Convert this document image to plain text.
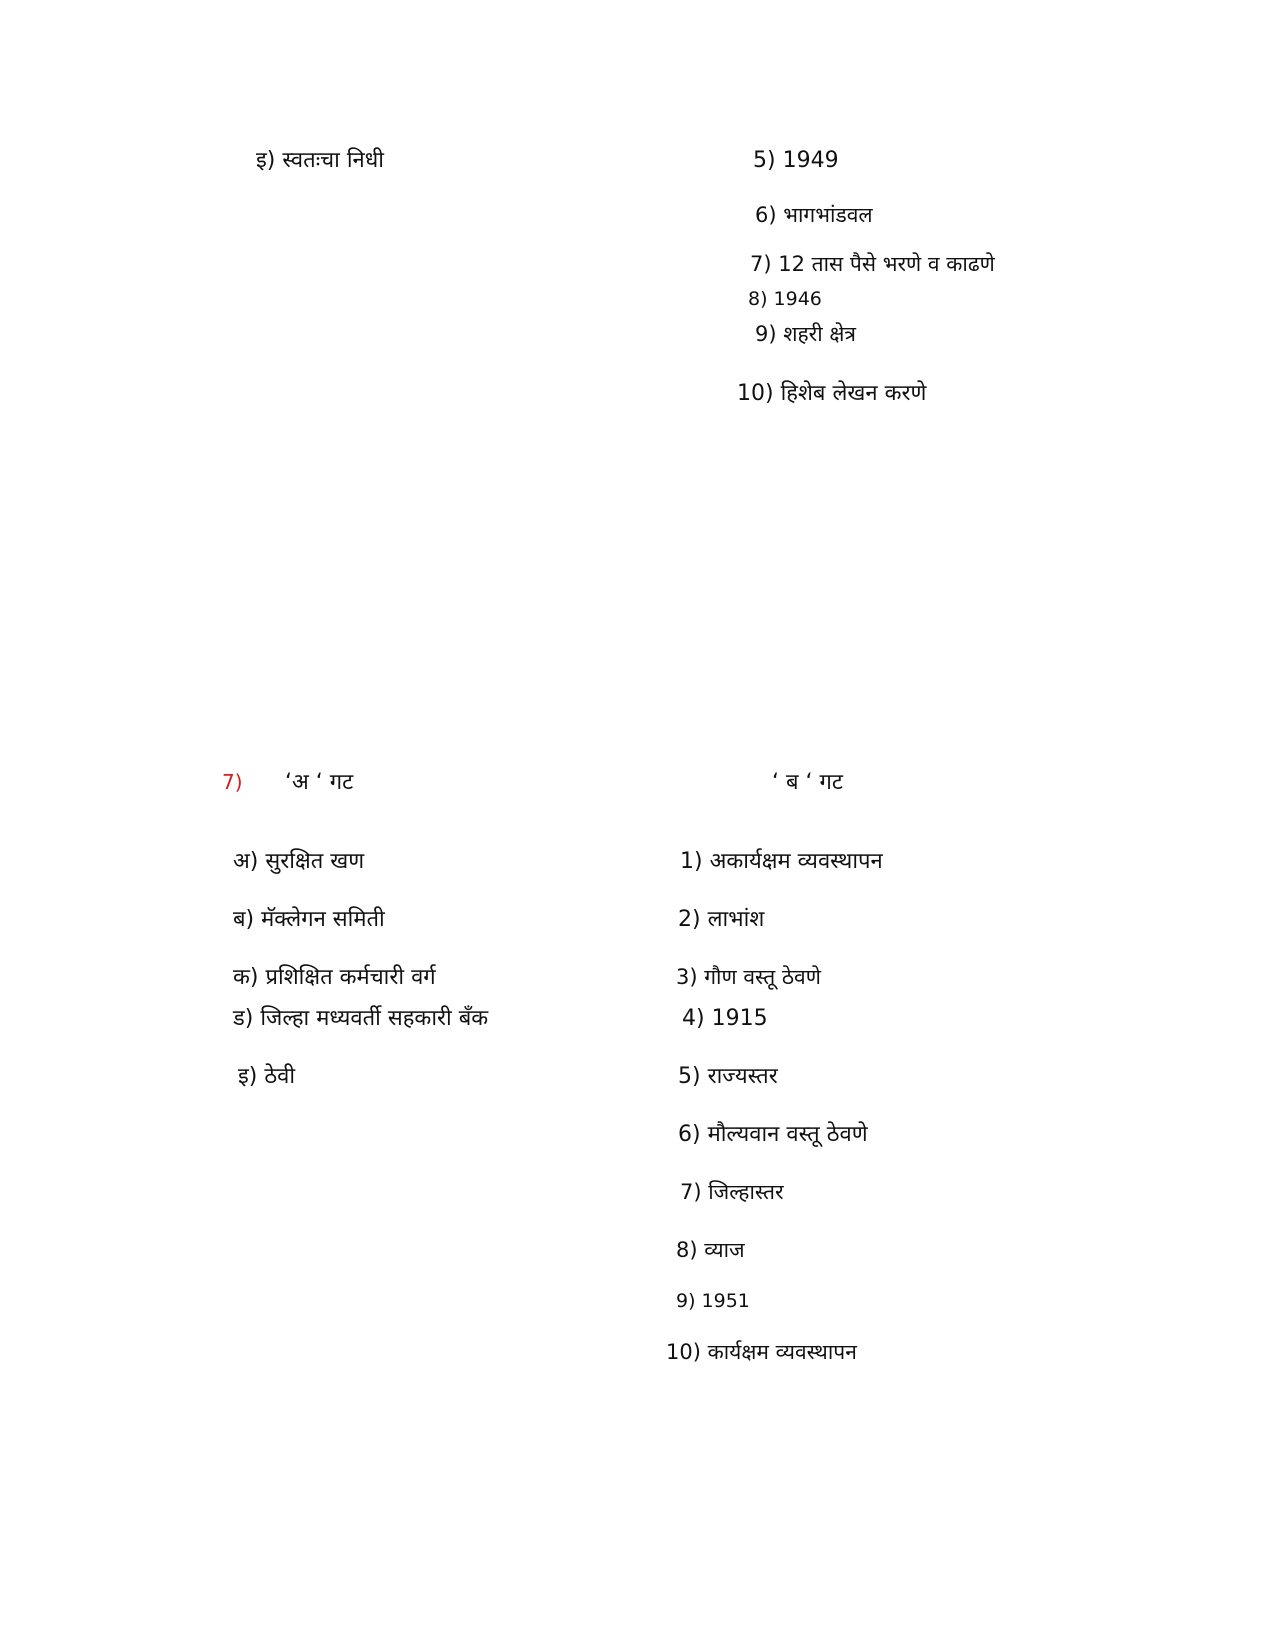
इ) स्वतःचा निधी	5) 1949
6) भागभांडवल
7) 12 तास पैसे भरणे व काढणे
8) 1946
9) शहरी क्षेत्र
10) हिशेब लेखन करणे
7) ‘अ ‘ गट	‘ ब ‘ गट
अ) सुरक्षित खण
ब) मॅक्लेगन समिती
क) प्रशिक्षित कर्मचारी वर्ग
ड) जिल्हा मध्यवर्ती सहकारी बँक
इ) ठेवी
1) अकार्यक्षम व्यवस्थापन
2) लाभांश
3) गौण वस्तू ठेवणे
4) 1915
5) राज्यस्तर
6) मौल्यवान वस्तू ठेवणे
7) जिल्हास्तर
8) व्याज
9) 1951
10) कार्यक्षम व्यवस्थापन
